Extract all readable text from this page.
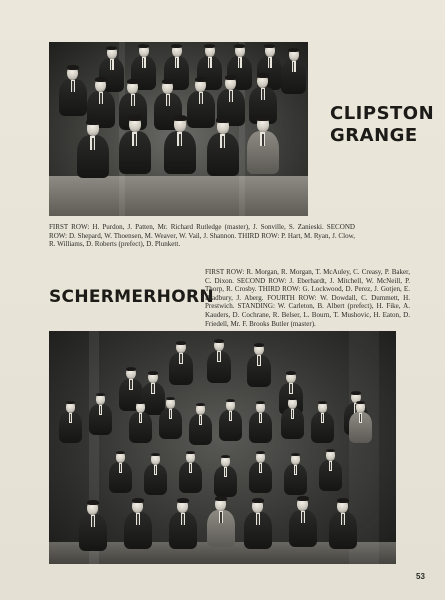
CLIPSTON
GRANGE
FIRST ROW: H. Purdon, J. Patten, Mr. Richard Rutledge (master), J. Sonville, S. Zanieski. SECOND ROW: D. Shepard, W. Thoensen, M. Weaver, W. Vail, J. Shannon. THIRD ROW: P. Hart, M. Ryan, J. Clow, R. Williams, D. Roberts (prefect), D. Plunkett.
SCHERMERHORN
FIRST ROW: R. Morgan, R. Morgan, T. McAuley, C. Creasy, P. Baker, C. Dixon. SECOND ROW: J. Eberhardt, J. Mitchell, W. McNeill, P. Thorp, R. Crosby. THIRD ROW: G. Lockwood, D. Perez, J. Gotjen, E. Bradbury, J. Aberg. FOURTH ROW: W. Dowdall, C. Dummett, H. Prestwich. STANDING: W. Carleton, B. Albert (prefect), H. Fike, A. Kauders, D. Cochrane, R. Belser, L. Bourn, T. Mushovic, H. Eaton, D. Friedell, Mr. F. Brooks Butler (master).
53
